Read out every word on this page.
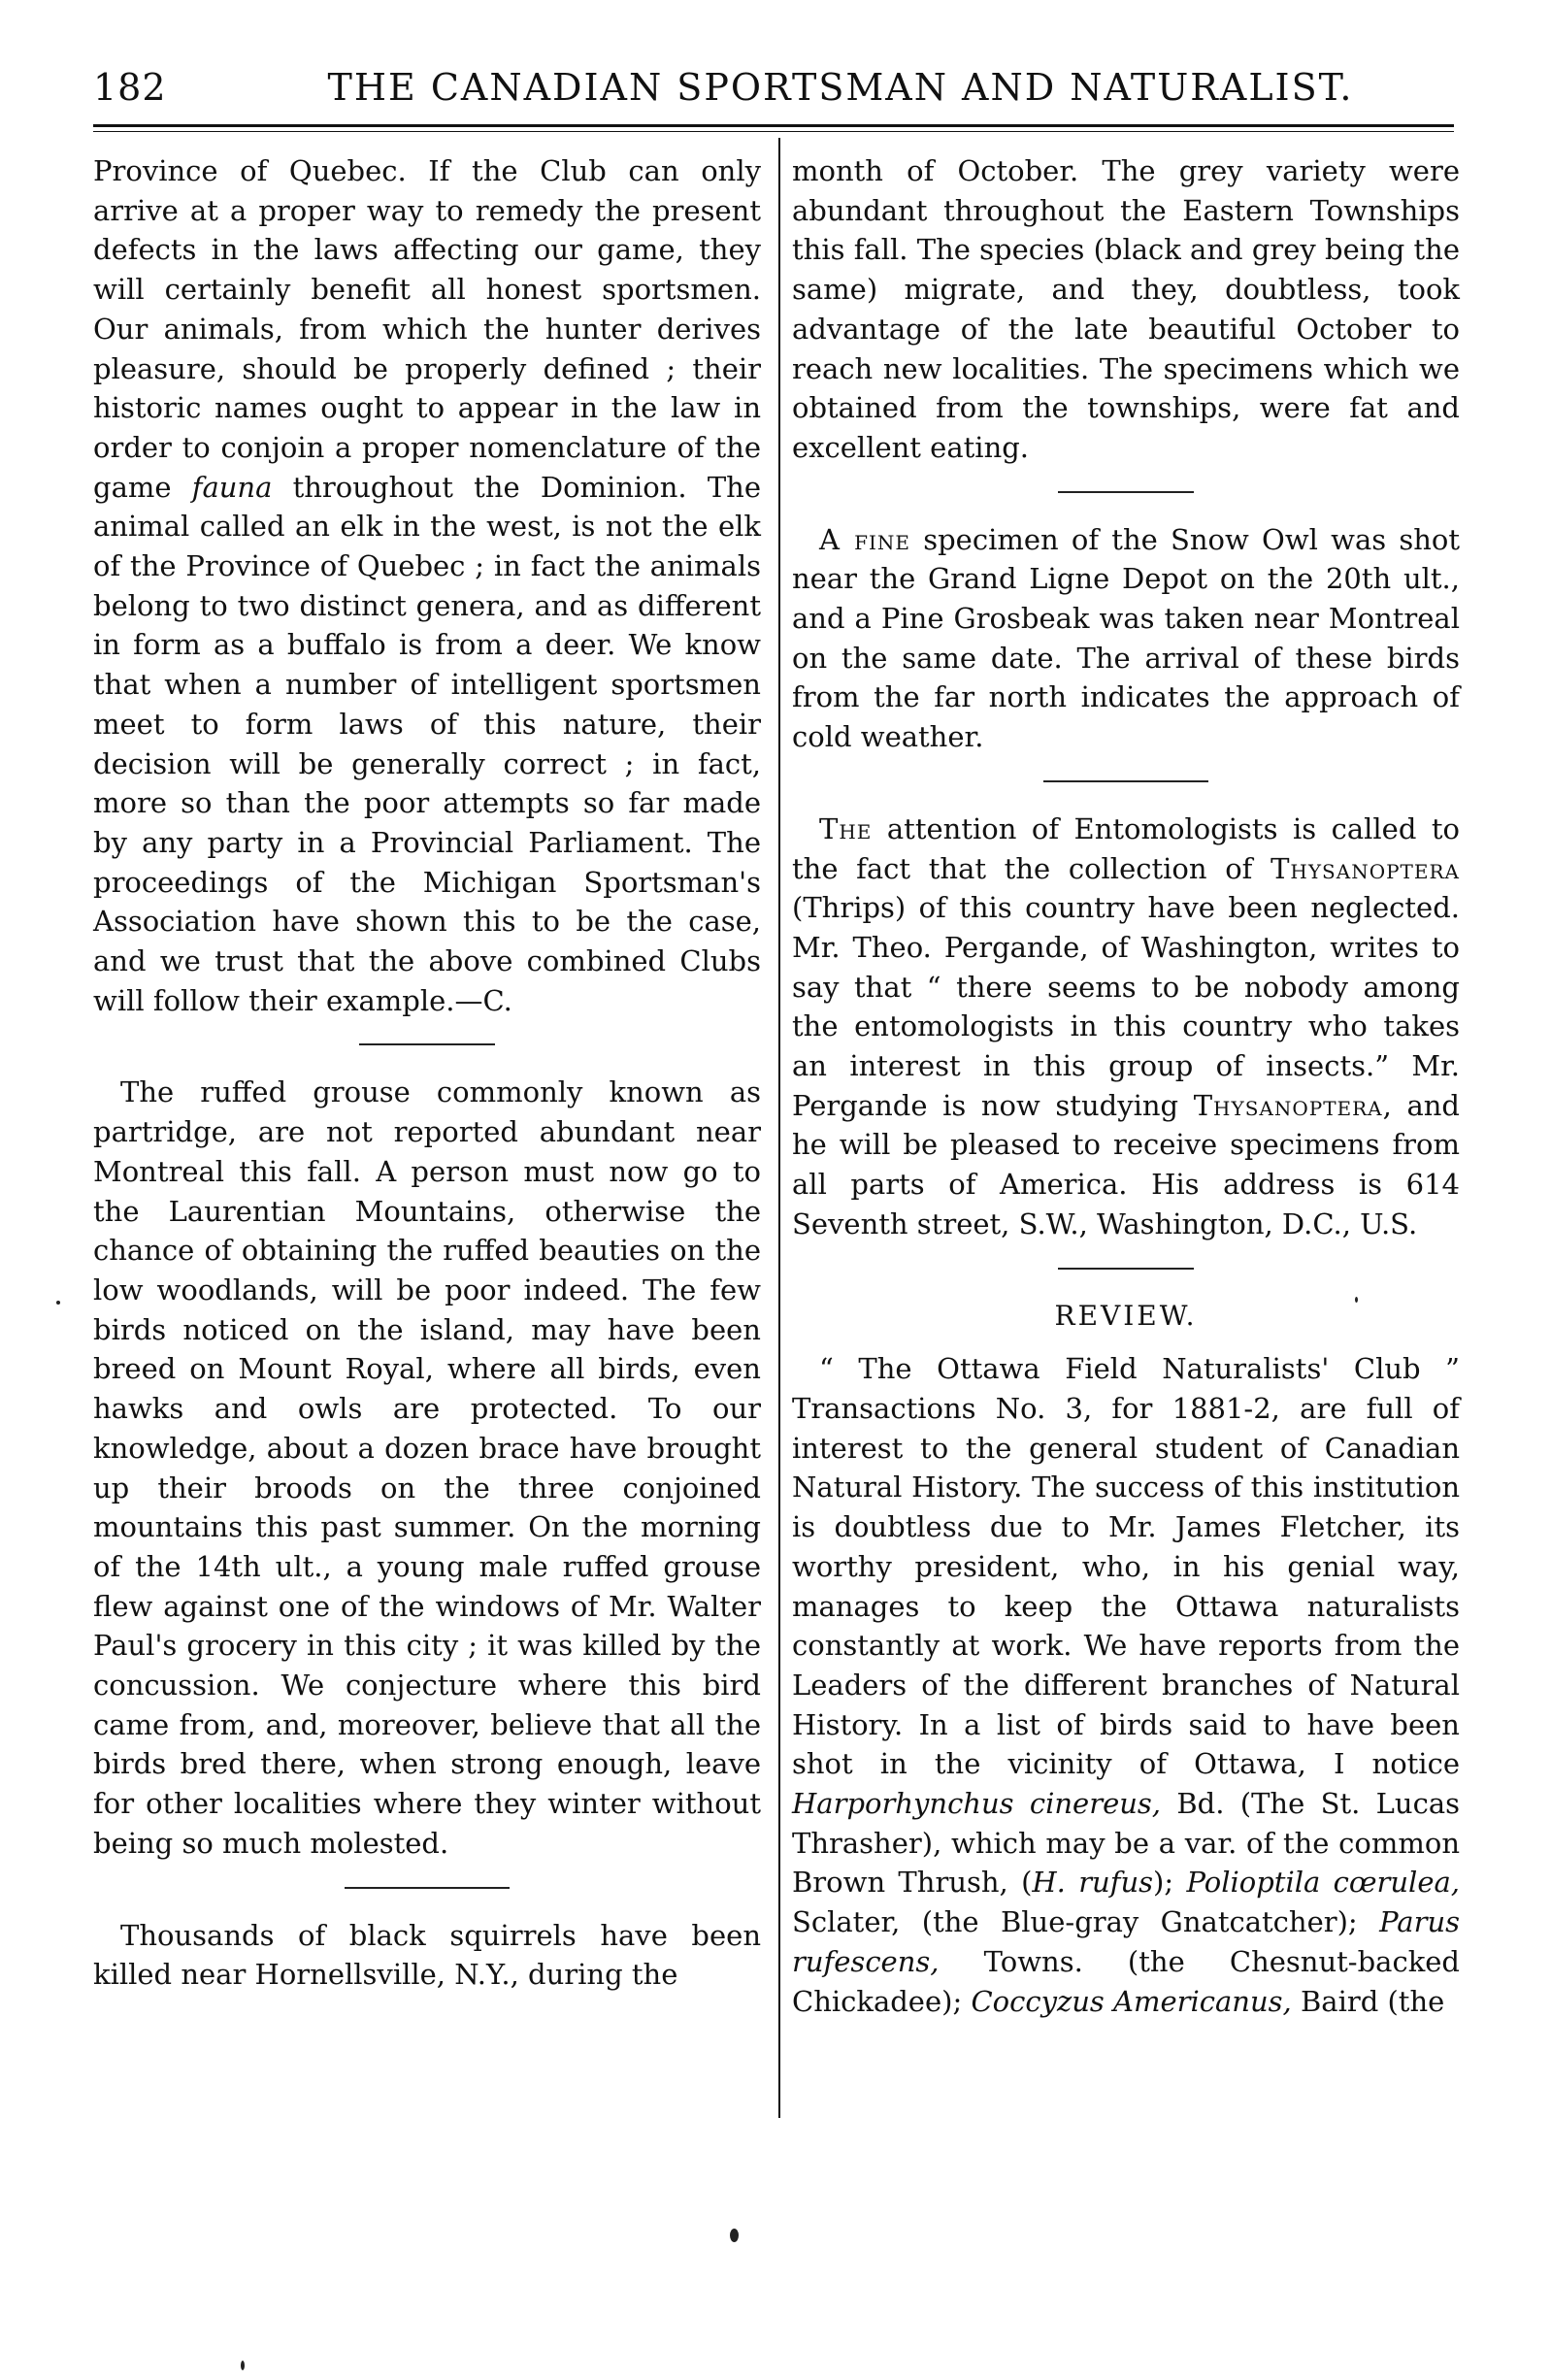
182	THE CANADIAN SPORTSMAN AND NATURALIST.

Province of Quebec. If the Club can only arrive at a proper way to remedy the present defects in the laws affecting our game, they will certainly benefit all honest sportsmen. Our animals, from which the hunter derives pleasure, should be properly defined ; their historic names ought to appear in the law in order to conjoin a proper nomenclature of the game fauna throughout the Dominion. The animal called an elk in the west, is not the elk of the Province of Quebec ; in fact the animals belong to two distinct genera, and as different in form as a buffalo is from a deer. We know that when a number of intelligent sportsmen meet to form laws of this nature, their decision will be generally correct ; in fact, more so than the poor attempts so far made by any party in a Provincial Parliament. The proceedings of the Michigan Sportsman's Association have shown this to be the case, and we trust that the above combined Clubs will follow their example.—C.

The ruffed grouse commonly known as partridge, are not reported abundant near Montreal this fall. A person must now go to the Laurentian Mountains, otherwise the chance of obtaining the ruffed beauties on the low woodlands, will be poor indeed. The few birds noticed on the island, may have been breed on Mount Royal, where all birds, even hawks and owls are protected. To our knowledge, about a dozen brace have brought up their broods on the three conjoined mountains this past summer. On the morning of the 14th ult., a young male ruffed grouse flew against one of the windows of Mr. Walter Paul's grocery in this city ; it was killed by the concussion. We conjecture where this bird came from, and, moreover, believe that all the birds bred there, when strong enough, leave for other localities where they winter without being so much molested.

Thousands of black squirrels have been killed near Hornellsville, N.Y., during the

month of October. The grey variety were abundant throughout the Eastern Townships this fall. The species (black and grey being the same) migrate, and they, doubtless, took advantage of the late beautiful October to reach new localities. The specimens which we obtained from the townships, were fat and excellent eating.

A fine specimen of the Snow Owl was shot near the Grand Ligne Depot on the 20th ult., and a Pine Grosbeak was taken near Montreal on the same date. The arrival of these birds from the far north indicates the approach of cold weather.

The attention of Entomologists is called to the fact that the collection of Thysanoptera (Thrips) of this country have been neglected. Mr. Theo. Pergande, of Washington, writes to say that “ there seems to be nobody among the entomologists in this country who takes an interest in this group of insects.” Mr. Pergande is now studying Thysanoptera, and he will be pleased to receive specimens from all parts of America. His address is 614 Seventh street, S.W., Washington, D.C., U.S.

REVIEW.

“ The Ottawa Field Naturalists' Club ” Transactions No. 3, for 1881-2, are full of interest to the general student of Canadian Natural History. The success of this institution is doubtless due to Mr. James Fletcher, its worthy president, who, in his genial way, manages to keep the Ottawa naturalists constantly at work. We have reports from the Leaders of the different branches of Natural History. In a list of birds said to have been shot in the vicinity of Ottawa, I notice Harporhynchus cinereus, Bd. (The St. Lucas Thrasher), which may be a var. of the common Brown Thrush, (H. rufus); Polioptila cœrulea, Sclater, (the Blue-gray Gnatcatcher); Parus rufescens, Towns. (the Chesnut-backed Chickadee); Coccyzus Americanus, Baird (the
